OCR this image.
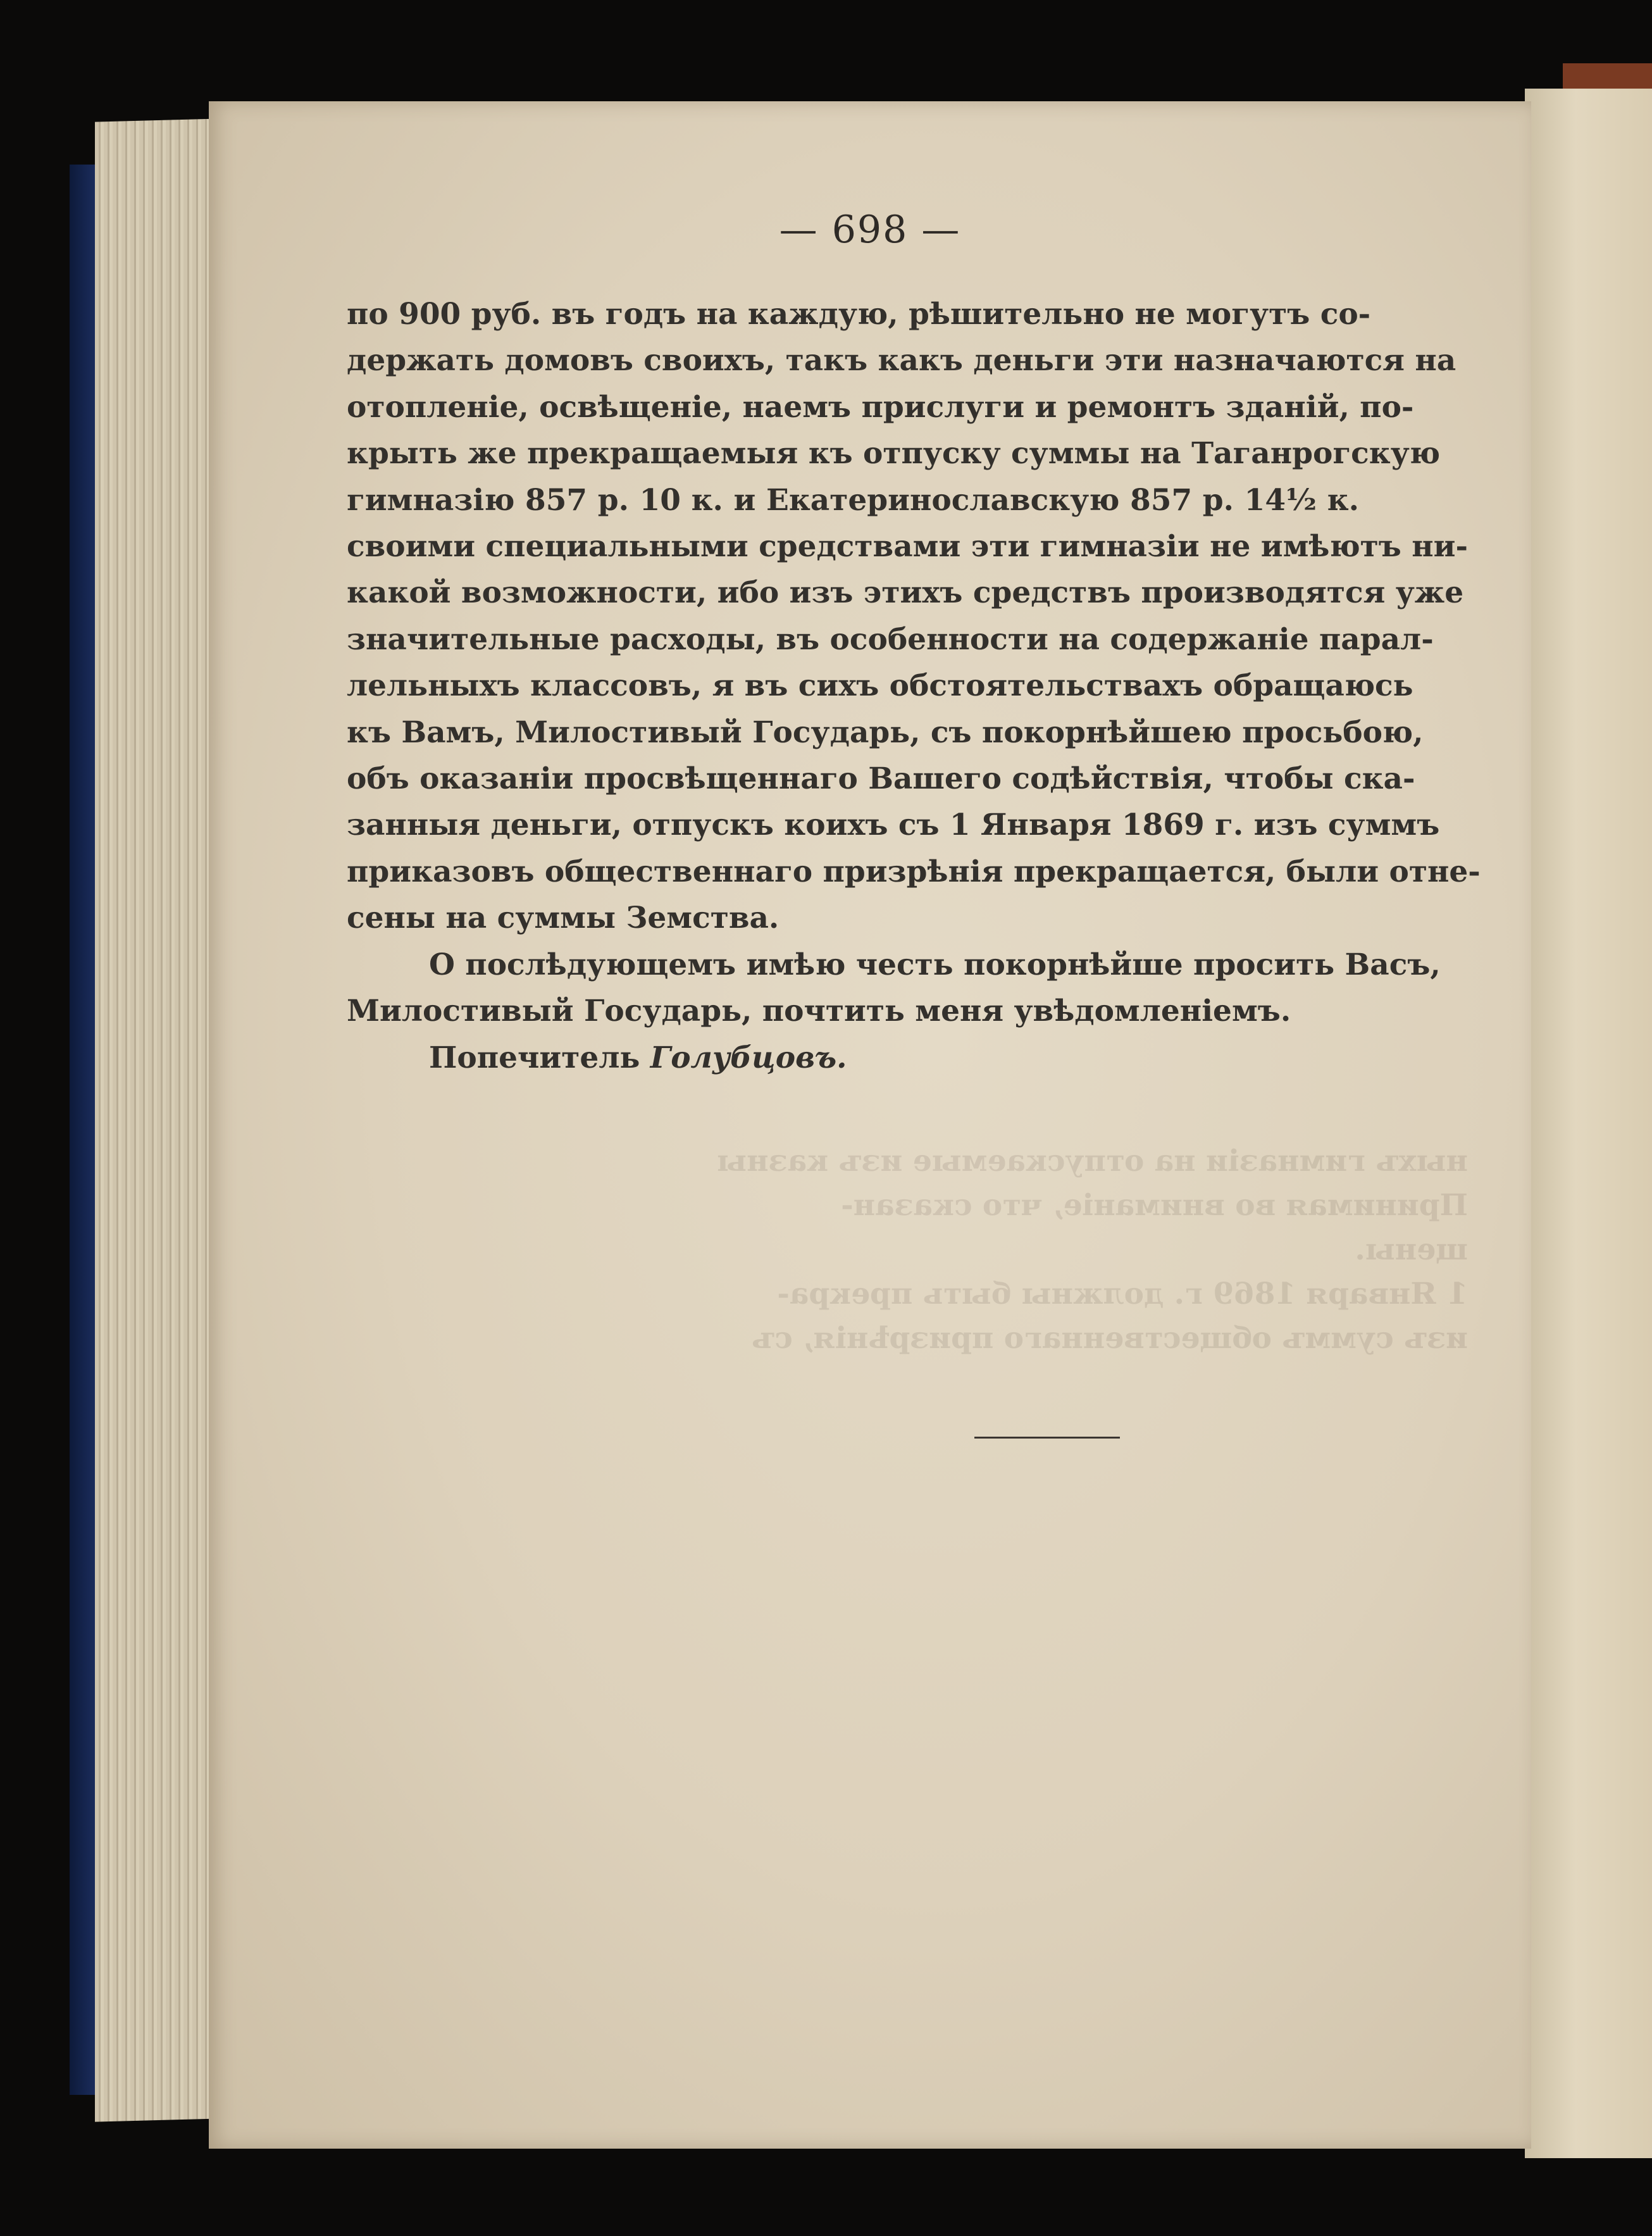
ныхъ гимназіи на отпускаемые изъ казны
Принимая во вниманіе, что сказан-
щены.
1 Января 1869 г. должны быть прекра-
изъ суммъ общественнаго призрѣнія, съ
— 698 —
по 900 руб. въ годъ на каждую, рѣшительно не могутъ со-
держать домовъ своихъ, такъ какъ деньги эти назначаются на
отопленіе, освѣщеніе, наемъ прислуги и ремонтъ зданій, по-
крыть же прекращаемыя къ отпуску суммы на Таганрогскую
гимназію 857 р. 10 к. и Екатеринославскую 857 р. 14½ к.
своими специальными средствами эти гимназіи не имѣютъ ни-
какой возможности, ибо изъ этихъ средствъ производятся уже
значительные расходы, въ особенности на содержаніе парал-
лельныхъ классовъ, я въ сихъ обстоятельствахъ обращаюсь
къ Вамъ, Милостивый Государь, съ покорнѣйшею просьбою,
объ оказаніи просвѣщеннаго Вашего содѣйствія, чтобы ска-
занныя деньги, отпускъ коихъ съ 1 Января 1869 г. изъ суммъ
приказовъ общественнаго призрѣнія прекращается, были отне-
сены на суммы Земства.
О послѣдующемъ имѣю честь покорнѣйше просить Васъ,
Милостивый Государь, почтить меня увѣдомленіемъ.
Попечитель Голубцовъ.
